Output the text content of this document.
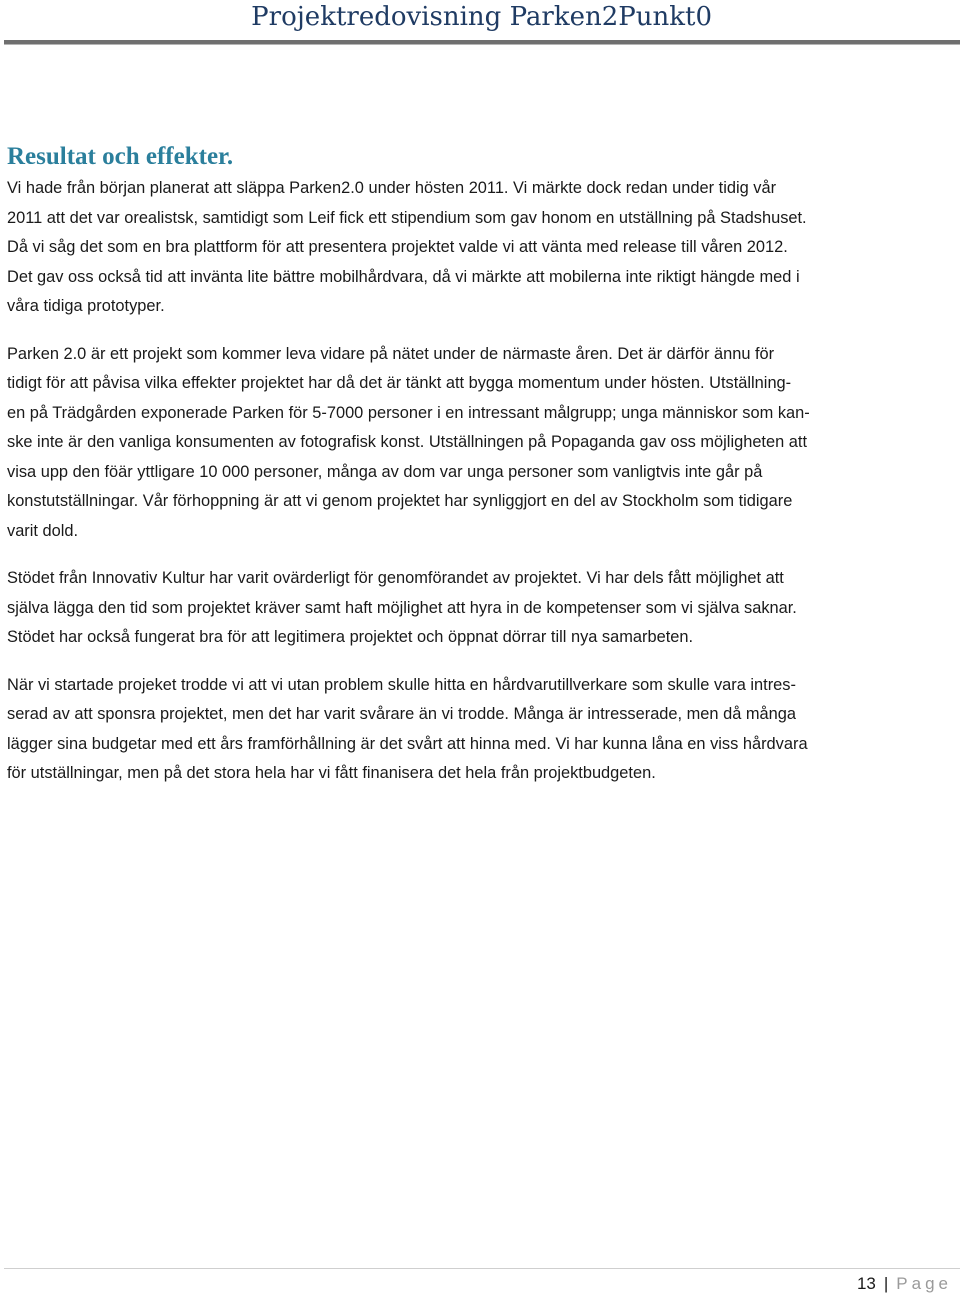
Projektredovisning Parken2Punkt0
Resultat och effekter.
Vi hade från början planerat att släppa Parken2.0 under hösten 2011. Vi märkte dock redan under tidig vår
2011 att det var orealistsk, samtidigt som Leif fick ett stipendium som gav honom en utställning på Stadshuset.
Då vi såg det som en bra plattform för att presentera projektet valde vi att vänta med release till våren 2012.
Det gav oss också tid att invänta lite bättre mobilhårdvara, då vi märkte att mobilerna inte riktigt hängde med i
våra tidiga prototyper.
Parken 2.0 är ett projekt som kommer leva vidare på nätet under de närmaste åren. Det är därför ännu för
tidigt för att påvisa vilka effekter projektet har då det är tänkt att bygga momentum under hösten. Utställning-
en på Trädgården exponerade Parken för 5-7000 personer i en intressant målgrupp; unga människor som kan-
ske inte är den vanliga konsumenten av fotografisk konst. Utställningen på Popaganda gav oss möjligheten att
visa upp den föär yttligare 10 000 personer, många av dom var unga personer som vanligtvis inte går på
konstutställningar. Vår förhoppning är att vi genom projektet har synliggjort en del av Stockholm som tidigare
varit dold.
Stödet från Innovativ Kultur har varit ovärderligt för genomförandet av projektet. Vi har dels fått möjlighet att
själva lägga den tid som projektet kräver samt haft möjlighet att hyra in de kompetenser som vi själva saknar.
Stödet har också fungerat bra för att legitimera projektet och öppnat dörrar till nya samarbeten.
När vi startade projeket trodde vi att vi utan problem skulle hitta en hårdvarutillverkare som skulle vara intres-
serad av att sponsra projektet, men det har varit svårare än vi trodde. Många är intresserade, men då många
lägger sina budgetar med ett års framförhållning är det svårt att hinna med. Vi har kunna låna en viss hårdvara
för utställningar, men på det stora hela har vi fått finanisera det hela från projektbudgeten.
13 | Page
